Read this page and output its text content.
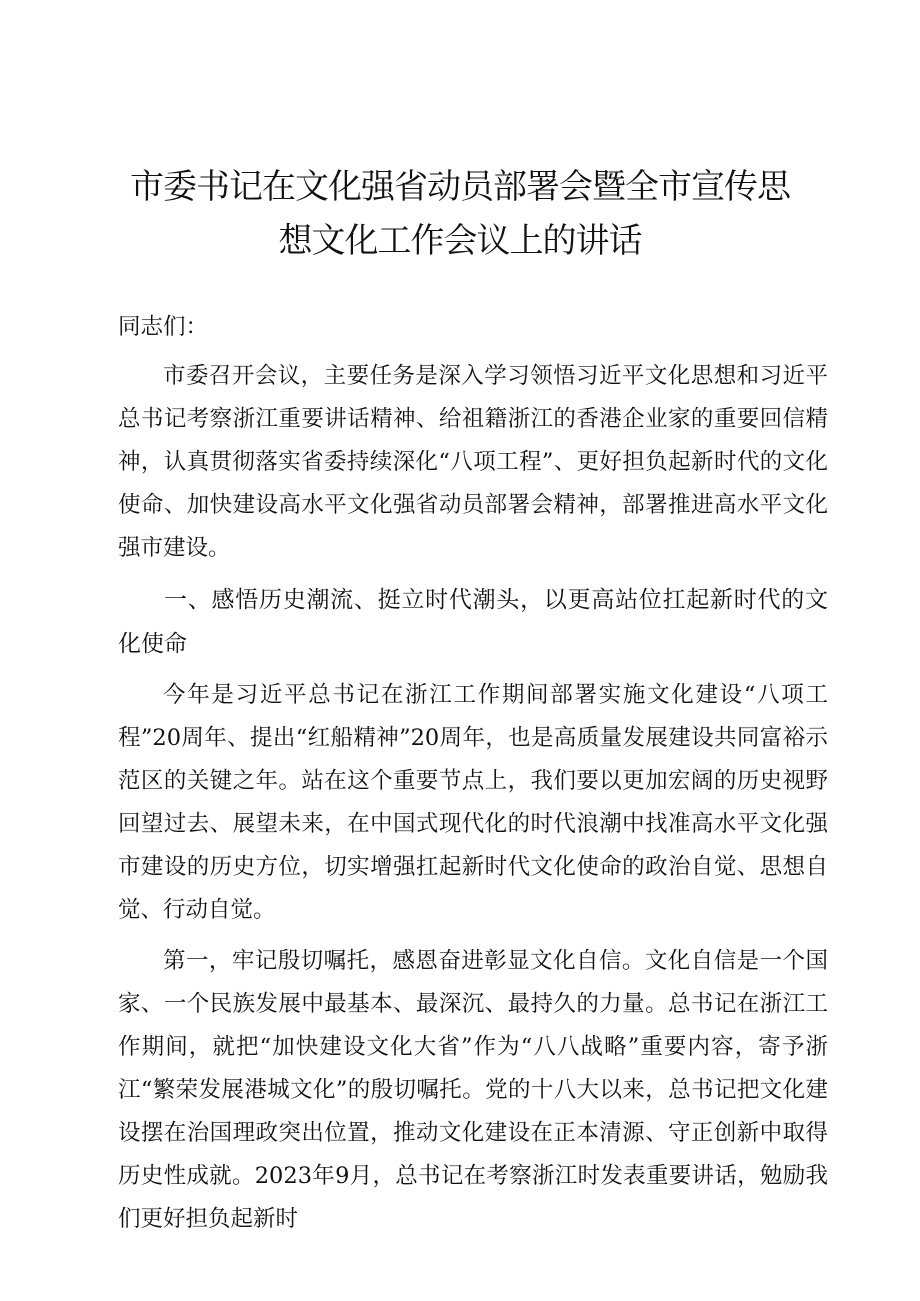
市委书记在文化强省动员部署会暨全市宣传思
想文化工作会议上的讲话

同志们：

市委召开会议，主要任务是深入学习领悟习近平文化思想和习近平总书记考察浙江重要讲话精神、给祖籍浙江的香港企业家的重要回信精神，认真贯彻落实省委持续深化“八项工程”、更好担负起新时代的文化使命、加快建设高水平文化强省动员部署会精神，部署推进高水平文化强市建设。

一、感悟历史潮流、挺立时代潮头，以更高站位扛起新时代的文化使命

今年是习近平总书记在浙江工作期间部署实施文化建设“八项工程”20周年、提出“红船精神”20周年，也是高质量发展建设共同富裕示范区的关键之年。站在这个重要节点上，我们要以更加宏阔的历史视野回望过去、展望未来，在中国式现代化的时代浪潮中找准高水平文化强市建设的历史方位，切实增强扛起新时代文化使命的政治自觉、思想自觉、行动自觉。

第一，牢记殷切嘱托，感恩奋进彰显文化自信。文化自信是一个国家、一个民族发展中最基本、最深沉、最持久的力量。总书记在浙江工作期间，就把“加快建设文化大省”作为“八八战略”重要内容，寄予浙江“繁荣发展港城文化”的殷切嘱托。党的十八大以来，总书记把文化建设摆在治国理政突出位置，推动文化建设在正本清源、守正创新中取得历史性成就。2023年9月，总书记在考察浙江时发表重要讲话，勉励我们更好担负起新时
